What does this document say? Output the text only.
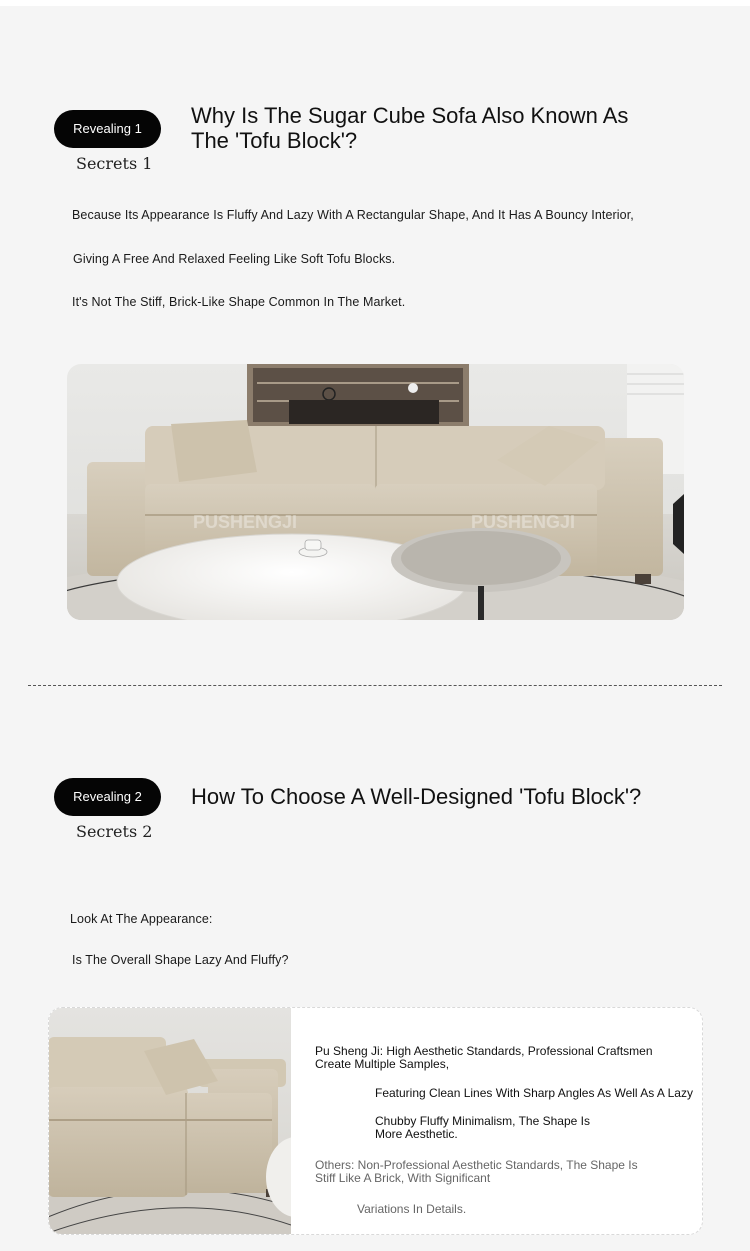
Revealing 1
Secrets 1
Why Is The Sugar Cube Sofa Also Known As
The 'Tofu Block'?
Because Its Appearance Is Fluffy And Lazy With A Rectangular Shape, And It Has A Bouncy Interior,
Giving A Free And Relaxed Feeling Like Soft Tofu Blocks.
It's Not The Stiff, Brick-Like Shape Common In The Market.
PUSHENGJI	PUSHENGJI
Revealing 2
Secrets 2
How To Choose A Well-Designed 'Tofu Block'?
Look At The Appearance:
Is The Overall Shape Lazy And Fluffy?
Pu Sheng Ji: High Aesthetic Standards, Professional Craftsmen
Create Multiple Samples,
Featuring Clean Lines With Sharp Angles As Well As A Lazy
Chubby Fluffy Minimalism, The Shape Is
More Aesthetic.
Others: Non-Professional Aesthetic Standards, The Shape Is
Stiff Like A Brick, With Significant
Variations In Details.
